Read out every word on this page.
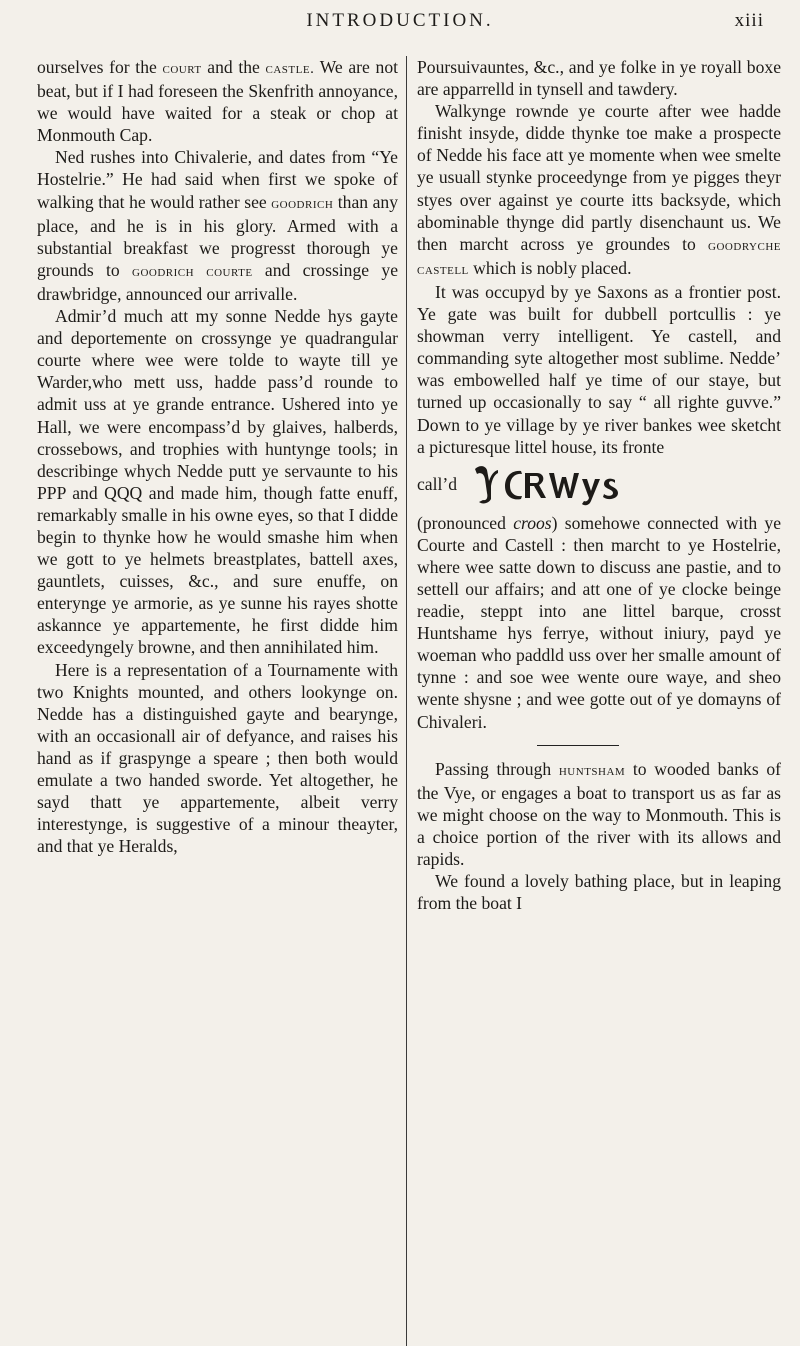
INTRODUCTION.	xiii

ourselves for the court and the castle. We are not beat, but if I had foreseen the Skenfrith annoyance, we would have waited for a steak or chop at Monmouth Cap.

Ned rushes into Chivalerie, and dates from “Ye Hostelrie.” He had said when first we spoke of walking that he would rather see goodrich than any place, and he is in his glory. Armed with a substantial breakfast we progresst thorough ye grounds to goodrich courte and crossinge ye drawbridge, announced our arrivalle.

Admir’d much att my sonne Nedde hys gayte and deportemente on crossynge ye quadrangular courte where wee were tolde to wayte till ye Warder,who mett uss, hadde pass’d rounde to admit uss at ye grande entrance. Ushered into ye Hall, we were encompass’d by glaives, halberds, crossebows, and trophies with huntynge tools; in describinge whych Nedde putt ye servaunte to his PPP and QQQ and made him, though fatte enuff, remarkably smalle in his owne eyes, so that I didde begin to thynke how he would smashe him when we gott to ye helmets breastplates, battell axes, gauntlets, cuisses, &c., and sure enuffe, on enterynge ye armorie, as ye sunne his rayes shotte askannce ye appartemente, he first didde him exceedyngely browne, and then annihilated him.

Here is a representation of a Tournamente with two Knights mounted, and others lookynge on. Nedde has a distinguished gayte and bearynge, with an occasionall air of defyance, and raises his hand as if graspynge a speare ; then both would emulate a two handed sworde. Yet altogether, he sayd thatt ye appartemente, albeit verry interestynge, is suggestive of a minour theayter, and that ye Heralds,

Poursuivauntes, &c., and ye folke in ye royall boxe are apparrelld in tynsell and tawdery.

Walkynge rownde ye courte after wee hadde finisht insyde, didde thynke toe make a prospecte of Nedde his face att ye momente when wee smelte ye usuall stynke proceedynge from ye pigges theyr styes over against ye courte itts backsyde, which abominable thynge did partly disenchaunt us. We then marcht across ye groundes to goodryche castell which is nobly placed.

It was occupyd by ye Saxons as a frontier post. Ye gate was built for dubbell portcullis : ye showman verry intelligent. Ye castell, and commanding syte altogether most sublime. Nedde’ was embowelled half ye time of our staye, but turned up occasionally to say “ all righte guvve.” Down to ye village by ye river bankes wee sketcht a picturesque littel house, its fronte

call’d

(pronounced croos) somehowe connected with ye Courte and Castell : then marcht to ye Hostelrie, where wee satte down to discuss ane pastie, and to settell our affairs; and att one of ye clocke beinge readie, steppt into ane littel barque, crosst Huntshame hys ferrye, without iniury, payd ye woeman who paddld uss over her smalle amount of tynne : and soe wee wente oure waye, and sheo wente shysne ; and wee gotte out of ye domayns of Chivaleri.

Passing through huntsham to wooded banks of the Vye, or engages a boat to transport us as far as we might choose on the way to Monmouth. This is a choice portion of the river with its allows and rapids.

We found a lovely bathing place, but in leaping from the boat I
